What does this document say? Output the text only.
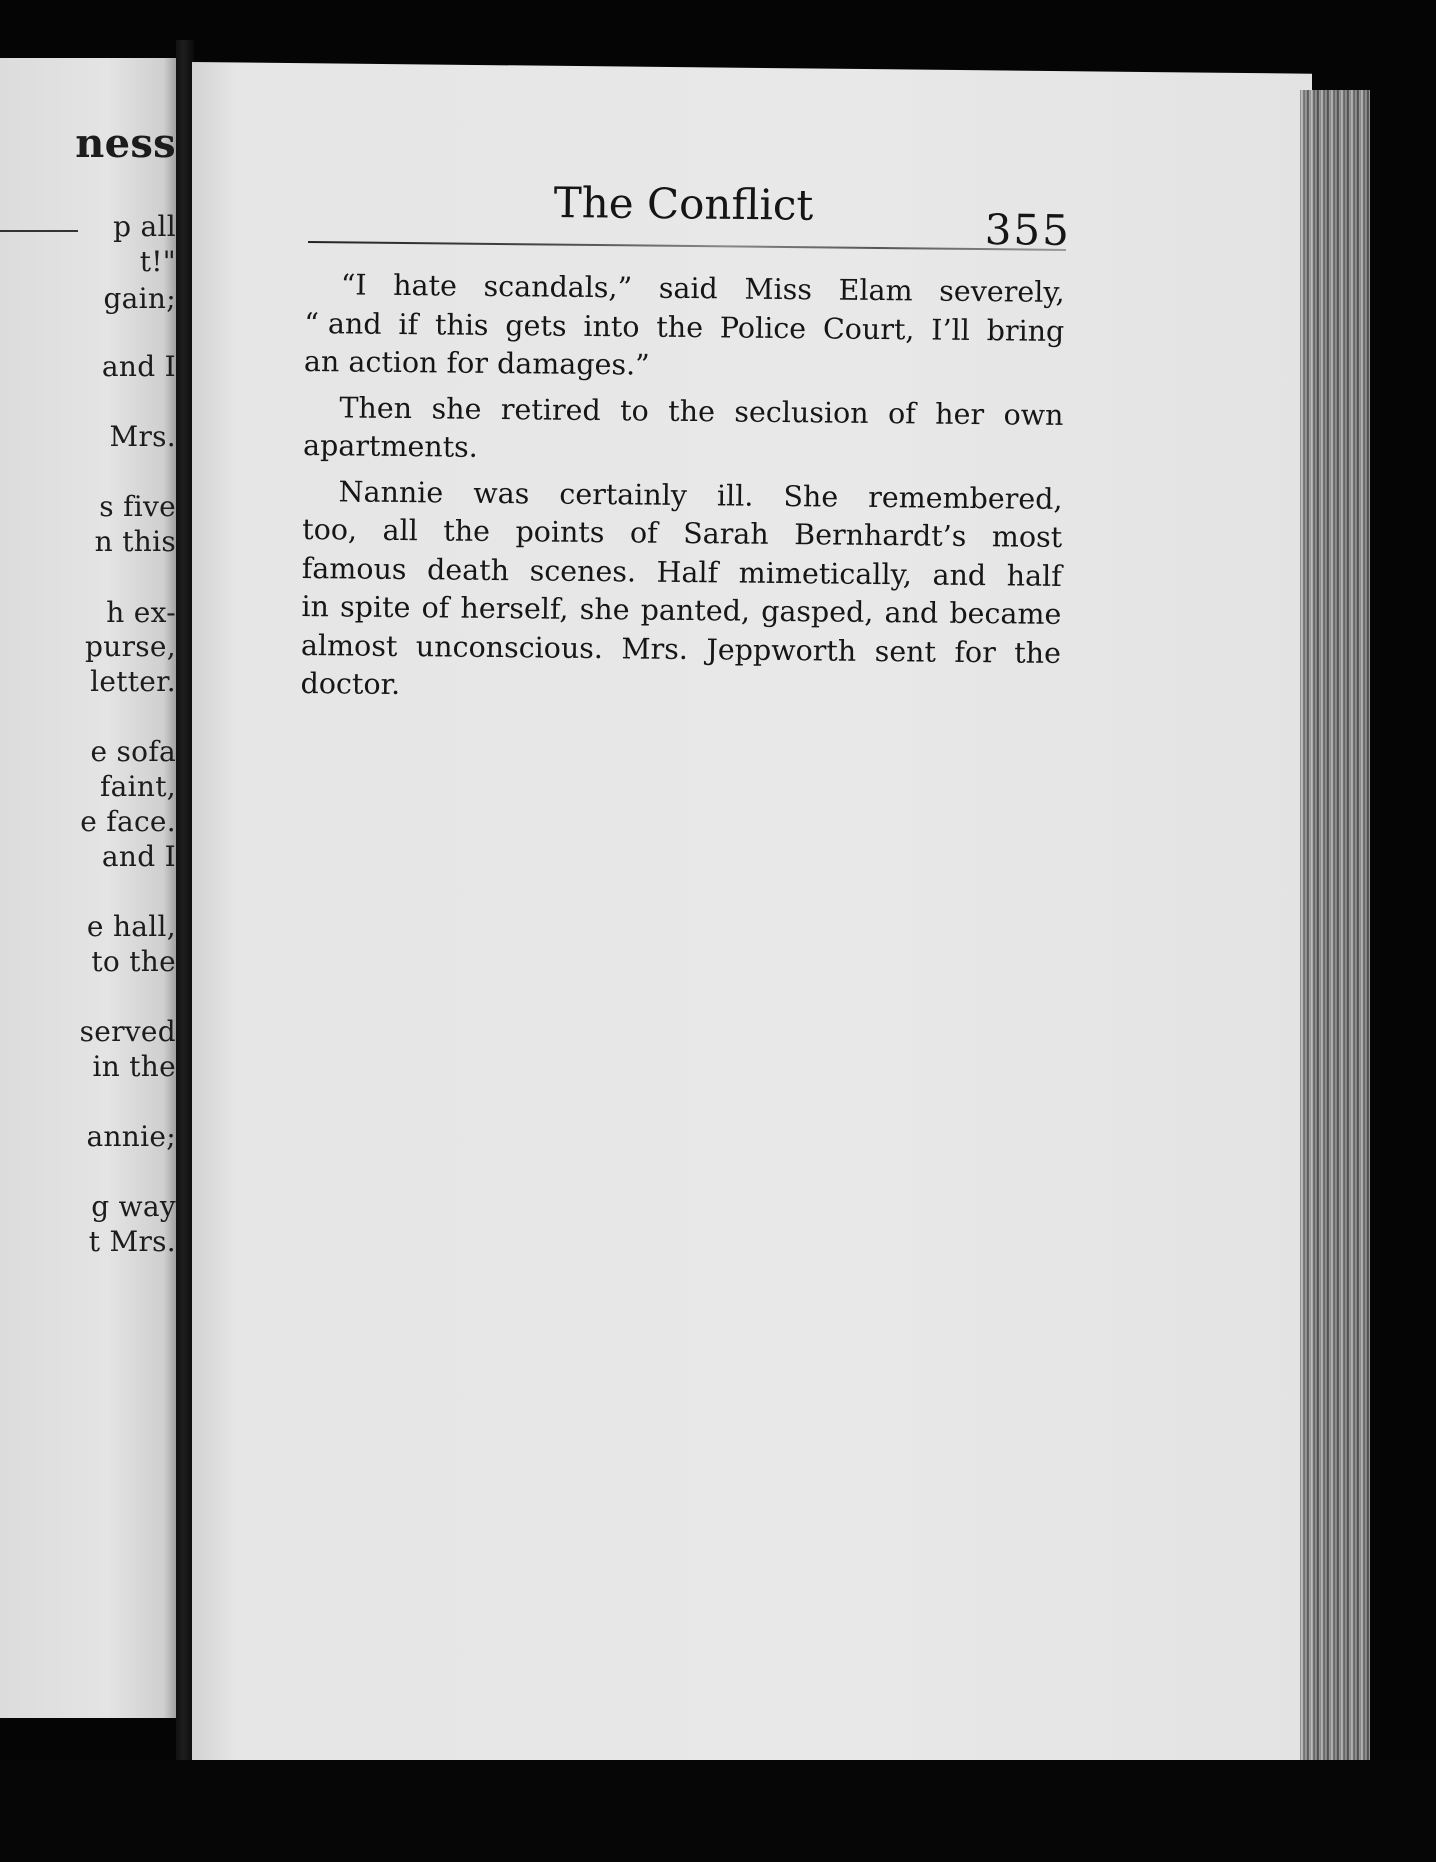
ness
p all
t!"
gain;
and I
Mrs.
s five
n this
h ex-
purse,
letter.
e sofa
faint,
e face.
and I
e hall,
to the
served
in the
annie;
g way
t Mrs.
The Conflict
355
“I hate scandals,” said Miss Elam severely,
“ and if this gets into the Police Court, I’ll bring
an action for damages.”
Then she retired to the seclusion of her own
apartments.
Nannie was certainly ill. She remembered,
too, all the points of Sarah Bernhardt’s most
famous death scenes. Half mimetically, and half
in spite of herself, she panted, gasped, and became
almost unconscious. Mrs. Jeppworth sent for the
doctor.
